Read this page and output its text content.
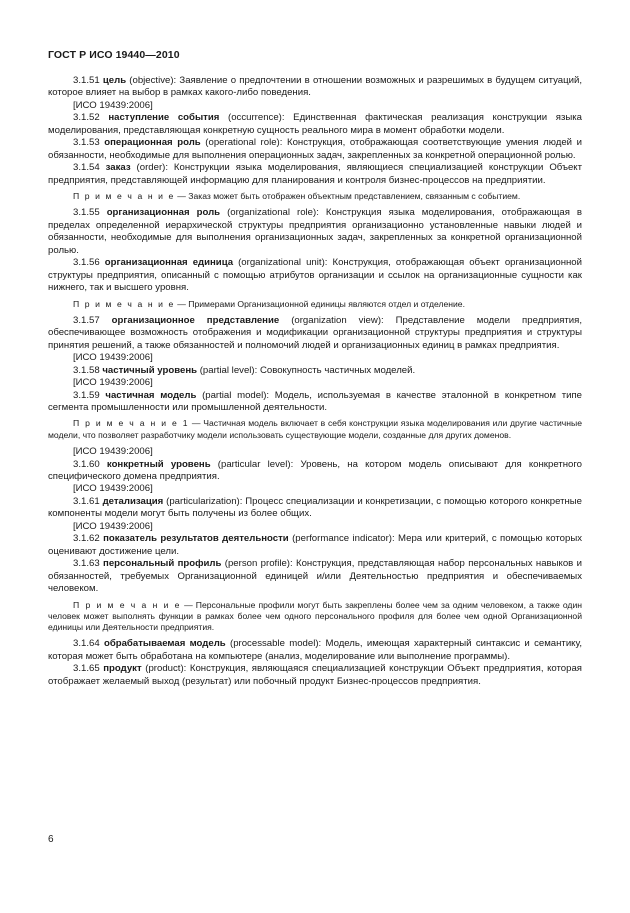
ГОСТ Р ИСО 19440—2010

3.1.51 цель (objective): Заявление о предпочтении в отношении возможных и разрешимых в будущем ситуаций, которое влияет на выбор в рамках какого-либо поведения.

[ИСО 19439:2006]

3.1.52 наступление события (occurrence): Единственная фактическая реализация конструкции языка моделирования, представляющая конкретную сущность реального мира в момент обработки модели.

3.1.53 операционная роль (operational role): Конструкция, отображающая соответствующие умения людей и обязанности, необходимые для выполнения операционных задач, закрепленных за конкретной операционной ролью.

3.1.54 заказ (order): Конструкции языка моделирования, являющиеся специализацией конструкции Объект предприятия, представляющей информацию для планирования и контроля бизнес-процессов на предприятии.

П р и м е ч а н и е — Заказ может быть отображен объектным представлением, связанным с событием.

3.1.55 организационная роль (organizational role): Конструкция языка моделирования, отображающая в пределах определенной иерархической структуры предприятия организационно установленные навыки людей и обязанности, необходимые для выполнения организационных задач, закрепленных за конкретной организационной ролью.

3.1.56 организационная единица (organizational unit): Конструкция, отображающая объект организационной структуры предприятия, описанный с помощью атрибутов организации и ссылок на организационные сущности как нижнего, так и высшего уровня.

П р и м е ч а н и е — Примерами Организационной единицы являются отдел и отделение.

3.1.57 организационное представление (organization view): Представление модели предприятия, обеспечивающее возможность отображения и модификации организационной структуры предприятия и структуры принятия решений, а также обязанностей и полномочий людей и организационных единиц в рамках предприятия.

[ИСО 19439:2006]

3.1.58 частичный уровень (partial level): Совокупность частичных моделей.

[ИСО 19439:2006]

3.1.59 частичная модель (partial model): Модель, используемая в качестве эталонной в конкретном типе сегмента промышленности или промышленной деятельности.

П р и м е ч а н и е 1 — Частичная модель включает в себя конструкции языка моделирования или другие частичные модели, что позволяет разработчику модели использовать существующие модели, созданные для других доменов.

[ИСО 19439:2006]

3.1.60 конкретный уровень (particular level): Уровень, на котором модель описывают для конкретного специфического домена предприятия.

[ИСО 19439:2006]

3.1.61 детализация (particularization): Процесс специализации и конкретизации, с помощью которого конкретные компоненты модели могут быть получены из более общих.

[ИСО 19439:2006]

3.1.62 показатель результатов деятельности (performance indicator): Мера или критерий, с помощью которых оценивают достижение цели.

3.1.63 персональный профиль (person profile): Конструкция, представляющая набор персональных навыков и обязанностей, требуемых Организационной единицей и/или Деятельностью предприятия и обеспечиваемых человеком.

П р и м е ч а н и е — Персональные профили могут быть закреплены более чем за одним человеком, а также один человек может выполнять функции в рамках более чем одного персонального профиля для более чем одной Организационной единицы или Деятельности предприятия.

3.1.64 обрабатываемая модель (processable model): Модель, имеющая характерный синтаксис и семантику, которая может быть обработана на компьютере (анализ, моделирование или выполнение программы).

3.1.65 продукт (product): Конструкция, являющаяся специализацией конструкции Объект предприятия, которая отображает желаемый выход (результат) или побочный продукт Бизнес-процессов предприятия.

6
